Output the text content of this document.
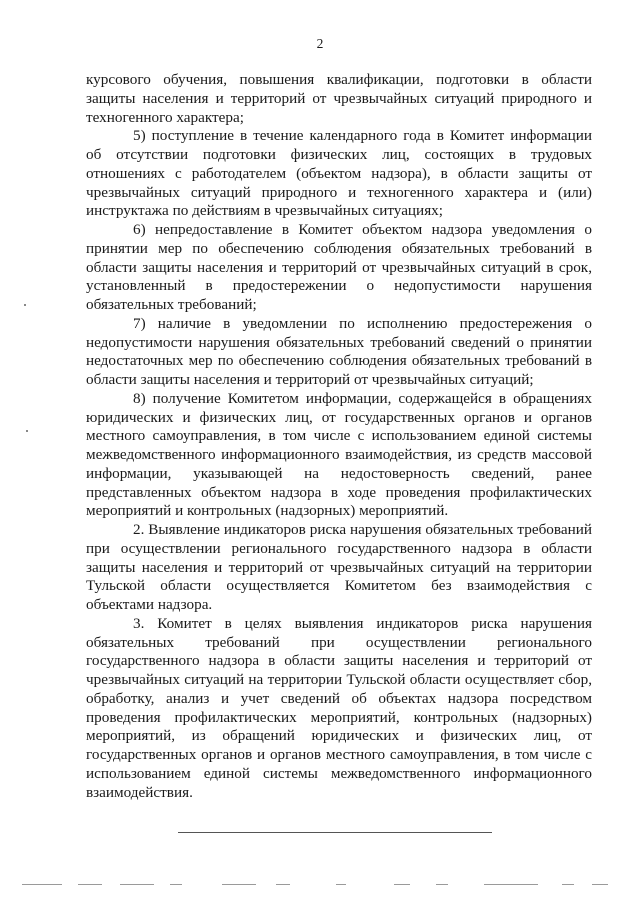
2

курсового обучения, повышения квалификации, подготовки в области защиты населения и территорий от чрезвычайных ситуаций природного и техногенного характера;

5) поступление в течение календарного года в Комитет информации об отсутствии подготовки физических лиц, состоящих в трудовых отношениях с работодателем (объектом надзора), в области защиты от чрезвычайных ситуаций природного и техногенного характера и (или) инструктажа по действиям в чрезвычайных ситуациях;

6) непредоставление в Комитет объектом надзора уведомления о принятии мер по обеспечению соблюдения обязательных требований в области защиты населения и территорий от чрезвычайных ситуаций в срок, установленный в предостережении о недопустимости нарушения обязательных требований;

7) наличие в уведомлении по исполнению предостережения о недопустимости нарушения обязательных требований сведений о принятии недостаточных мер по обеспечению соблюдения обязательных требований в области защиты населения и территорий от чрезвычайных ситуаций;

8) получение Комитетом информации, содержащейся в обращениях юридических и физических лиц, от государственных органов и органов местного самоуправления, в том числе с использованием единой системы межведомственного информационного взаимодействия, из средств массовой информации, указывающей на недостоверность сведений, ранее представленных объектом надзора в ходе проведения профилактических мероприятий и контрольных (надзорных) мероприятий.

2. Выявление индикаторов риска нарушения обязательных требований при осуществлении регионального государственного надзора в области защиты населения и территорий от чрезвычайных ситуаций на территории Тульской области осуществляется Комитетом без взаимодействия с объектами надзора.

3. Комитет в целях выявления индикаторов риска нарушения обязательных требований при осуществлении регионального государственного надзора в области защиты населения и территорий от чрезвычайных ситуаций на территории Тульской области осуществляет сбор, обработку, анализ и учет сведений об объектах надзора посредством проведения профилактических мероприятий, контрольных (надзорных) мероприятий, из обращений юридических и физических лиц, от государственных органов и органов местного самоуправления, в том числе с использованием единой системы межведомственного информационного взаимодействия.
